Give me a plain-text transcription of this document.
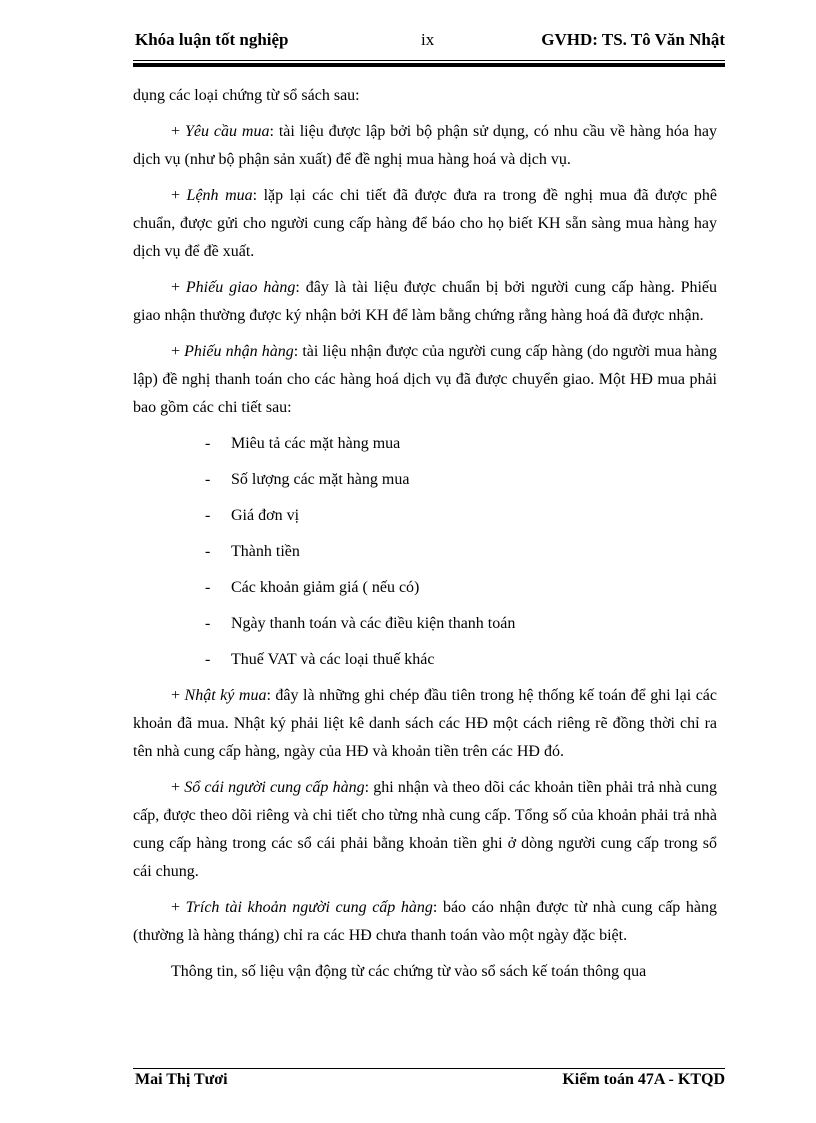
Khóa luận tốt nghiệp	ix	GVHD: TS. Tô Văn Nhật

dụng các loại chứng từ sổ sách sau:

+ Yêu cầu mua: tài liệu được lập bởi bộ phận sử dụng, có nhu cầu về hàng hóa hay dịch vụ (như bộ phận sản xuất) để đề nghị mua hàng hoá và dịch vụ.

+ Lệnh mua: lặp lại các chi tiết đã được đưa ra trong đề nghị mua đã được phê chuẩn, được gửi cho người cung cấp hàng để báo cho họ biết KH sẵn sàng mua hàng hay dịch vụ để đề xuất.

+ Phiếu giao hàng: đây là tài liệu được chuẩn bị bởi người cung cấp hàng. Phiếu giao nhận thường được ký nhận bởi KH để làm bằng chứng rằng hàng hoá đã được nhận.

+ Phiếu nhận hàng: tài liệu nhận được của người cung cấp hàng (do người mua hàng lập) đề nghị thanh toán cho các hàng hoá dịch vụ đã được chuyển giao. Một HĐ mua phải bao gồm các chi tiết sau:

- Miêu tả các mặt hàng mua
- Số lượng các mặt hàng mua
- Giá đơn vị
- Thành tiền
- Các khoản giảm giá ( nếu có)
- Ngày thanh toán và các điều kiện thanh toán
- Thuế VAT và các loại thuế khác

+ Nhật ký mua: đây là những ghi chép đầu tiên trong hệ thống kế toán để ghi lại các khoản đã mua. Nhật ký phải liệt kê danh sách các HĐ một cách riêng rẽ đồng thời chỉ ra tên nhà cung cấp hàng, ngày của HĐ và khoản tiền trên các HĐ đó.

+ Sổ cái người cung cấp hàng: ghi nhận và theo dõi các khoản tiền phải trả nhà cung cấp, được theo dõi riêng và chi tiết cho từng nhà cung cấp. Tổng số của khoản phải trả nhà cung cấp hàng trong các sổ cái phải bằng khoản tiền ghi ở dòng người cung cấp trong sổ cái chung.

+ Trích tài khoản người cung cấp hàng: báo cáo nhận được từ nhà cung cấp hàng (thường là hàng tháng) chỉ ra các HĐ chưa thanh toán vào một ngày đặc biệt.

Thông tin, số liệu vận động từ các chứng từ vào sổ sách kế toán thông qua

Mai Thị Tươi	Kiểm toán 47A - KTQD
